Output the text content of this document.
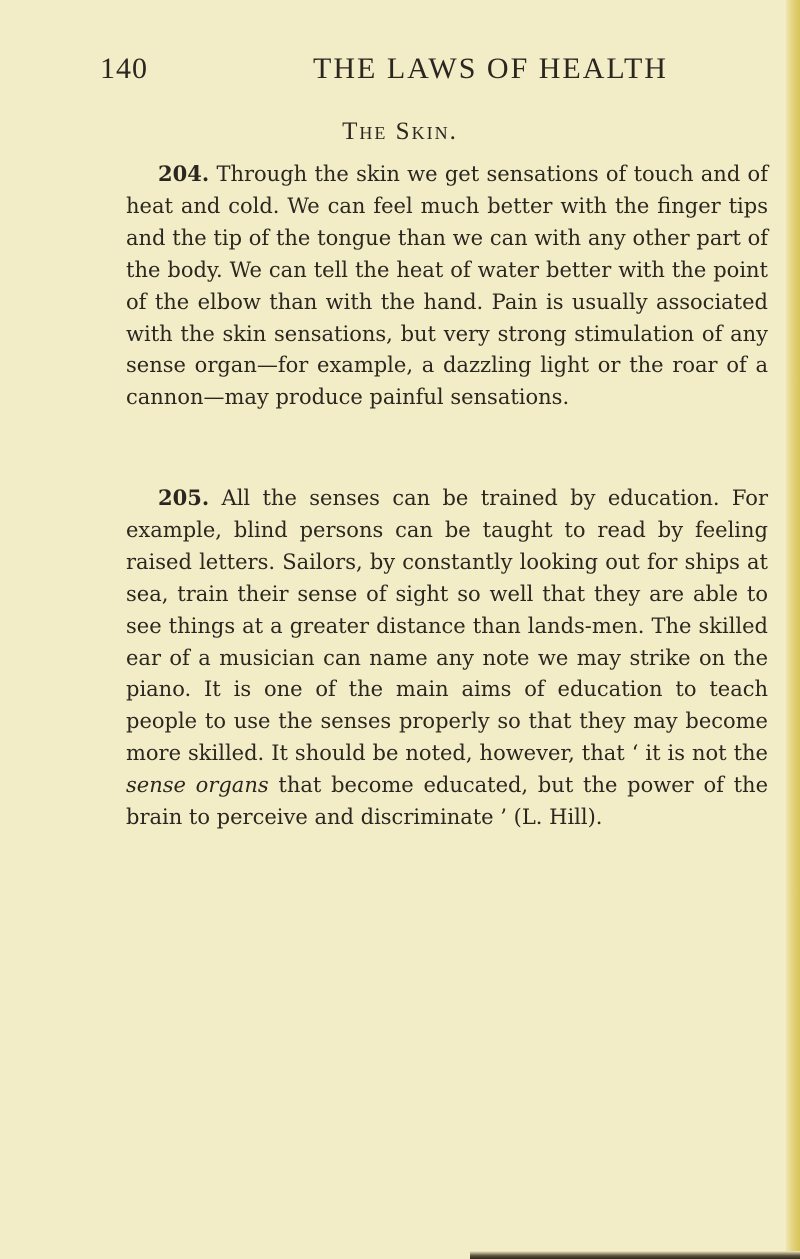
140	THE LAWS OF HEALTH
The Skin.

204. Through the skin we get sensations of touch and of heat and cold. We can feel much better with the finger tips and the tip of the tongue than we can with any other part of the body. We can tell the heat of water better with the point of the elbow than with the hand. Pain is usually associated with the skin sensations, but very strong stimulation of any sense organ—for example, a dazzling light or the roar of a cannon—may produce painful sensations.

205. All the senses can be trained by education. For example, blind persons can be taught to read by feeling raised letters. Sailors, by constantly looking out for ships at sea, train their sense of sight so well that they are able to see things at a greater distance than lands-men. The skilled ear of a musician can name any note we may strike on the piano. It is one of the main aims of education to teach people to use the senses properly so that they may become more skilled. It should be noted, however, that ‘ it is not the sense organs that become educated, but the power of the brain to perceive and discriminate ’ (L. Hill).
